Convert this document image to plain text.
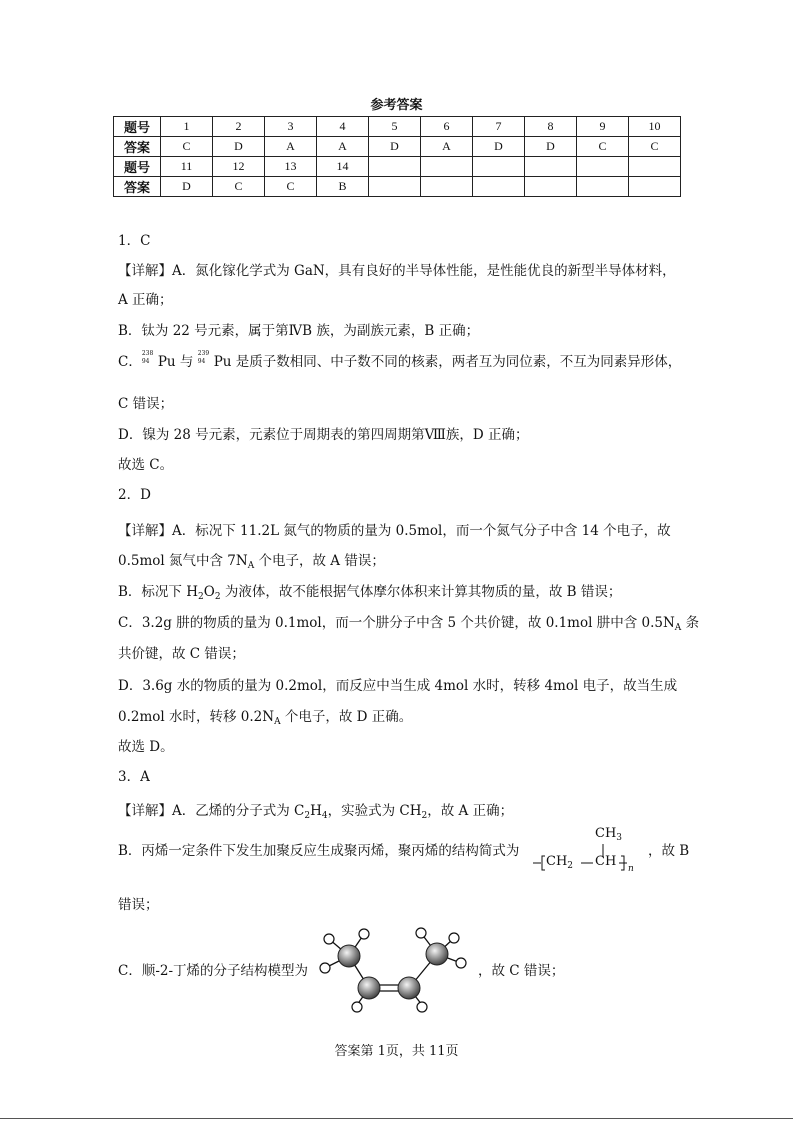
参考答案
题号	1	2	3	4	5	6	7	8	9	10
答案	C	D	A	A	D	A	D	D	C	C
题号	11	12	13	14						
答案	D	C	C	B						
1．C
【详解】A．氮化镓化学式为 GaN，具有良好的半导体性能，是性能优良的新型半导体材料，
A 正确；
B．钛为 22 号元素，属于第ⅣB 族，为副族元素，B 正确；
C．
238
94 Pu 与
239
94 Pu 是质子数相同、中子数不同的核素，两者互为同位素，不互为同素异形体，
C 错误；
D．镍为 28 号元素，元素位于周期表的第四周期第Ⅷ族，D 正确；
故选 C。
2．D
【详解】A．标况下 11.2L 氮气的物质的量为 0.5mol，而一个氮气分子中含 14 个电子，故
0.5mol 氮气中含 $7N_A$ 个电子，故 A 错误；
B．标况下 $H_2O_2$ 为液体，故不能根据气体摩尔体积来计算其物质的量，故 B 错误；
C．3.2g 肼的物质的量为 0.1mol，而一个肼分子中含 5 个共价键，故 0.1mol 肼中含 $0.5N_A$ 条
共价键，故 C 错误；
D．3.6g 水的物质的量为 0.2mol，而反应中当生成 4mol 水时，转移 4mol 电子，故当生成
0.2mol 水时，转移 $0.2N_A$ 个电子，故 D 正确。
故选 D。
3．A
【详解】A．乙烯的分子式为 $C_2H_4$，实验式为 $CH_2$，故 A 正确；
B．丙烯一定条件下发生加聚反应生成聚丙烯，聚丙烯的结构简式为	，故 B
错误；
C．顺-2-丁烯的分子结构模型为	，故 C 错误；
$CH_3$
$CH_2$ CH n
答案第 1页，共 11页
